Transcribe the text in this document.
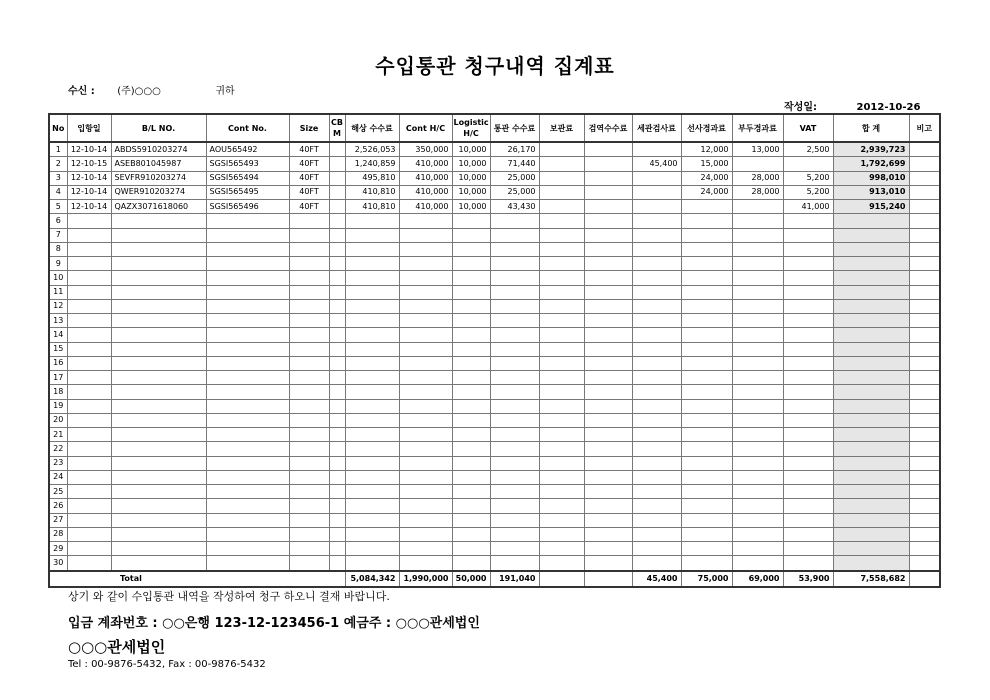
수입통관 청구내역 집계표
수신 : (주)○○○	귀하
작성일:	2012-10-26
No	입항일	B/L NO.	Cont No.	Size	CB M	해상 수수료	Cont H/C	Logistic H/C	통관 수수료	보관료	검역수수료	세관검사료	선사경과료	부두경과료	VAT	합 계	비고
1	12-10-14	ABDS5910203274	AOU565492	40FT		2,526,053	350,000	10,000	26,170				12,000	13,000	2,500	2,939,723	
2	12-10-15	ASEB801045987	SGSI565493	40FT		1,240,859	410,000	10,000	71,440			45,400	15,000			1,792,699	
3	12-10-14	SEVFR910203274	SGSI565494	40FT		495,810	410,000	10,000	25,000				24,000	28,000	5,200	998,010	
4	12-10-14	QWER910203274	SGSI565495	40FT		410,810	410,000	10,000	25,000				24,000	28,000	5,200	913,010	
5	12-10-14	QAZX3071618060	SGSI565496	40FT		410,810	410,000	10,000	43,430						41,000	915,240	
6																	
7																	
8																	
9																	
10																	
11																	
12																	
13																	
14																	
15																	
16																	
17																	
18																	
19																	
20																	
21																	
22																	
23																	
24																	
25																	
26																	
27																	
28																	
29																	
30																	
Total						5,084,342	1,990,000	50,000	191,040			45,400	75,000	69,000	53,900	7,558,682	
상기 와 같이 수입통관 내역을 작성하여 청구 하오니 결재 바랍니다.
입금 계좌번호 : ○○은행 123-12-123456-1 예금주 : ○○○관세법인
○○○관세법인
Tel : 00-9876-5432, Fax : 00-9876-5432
